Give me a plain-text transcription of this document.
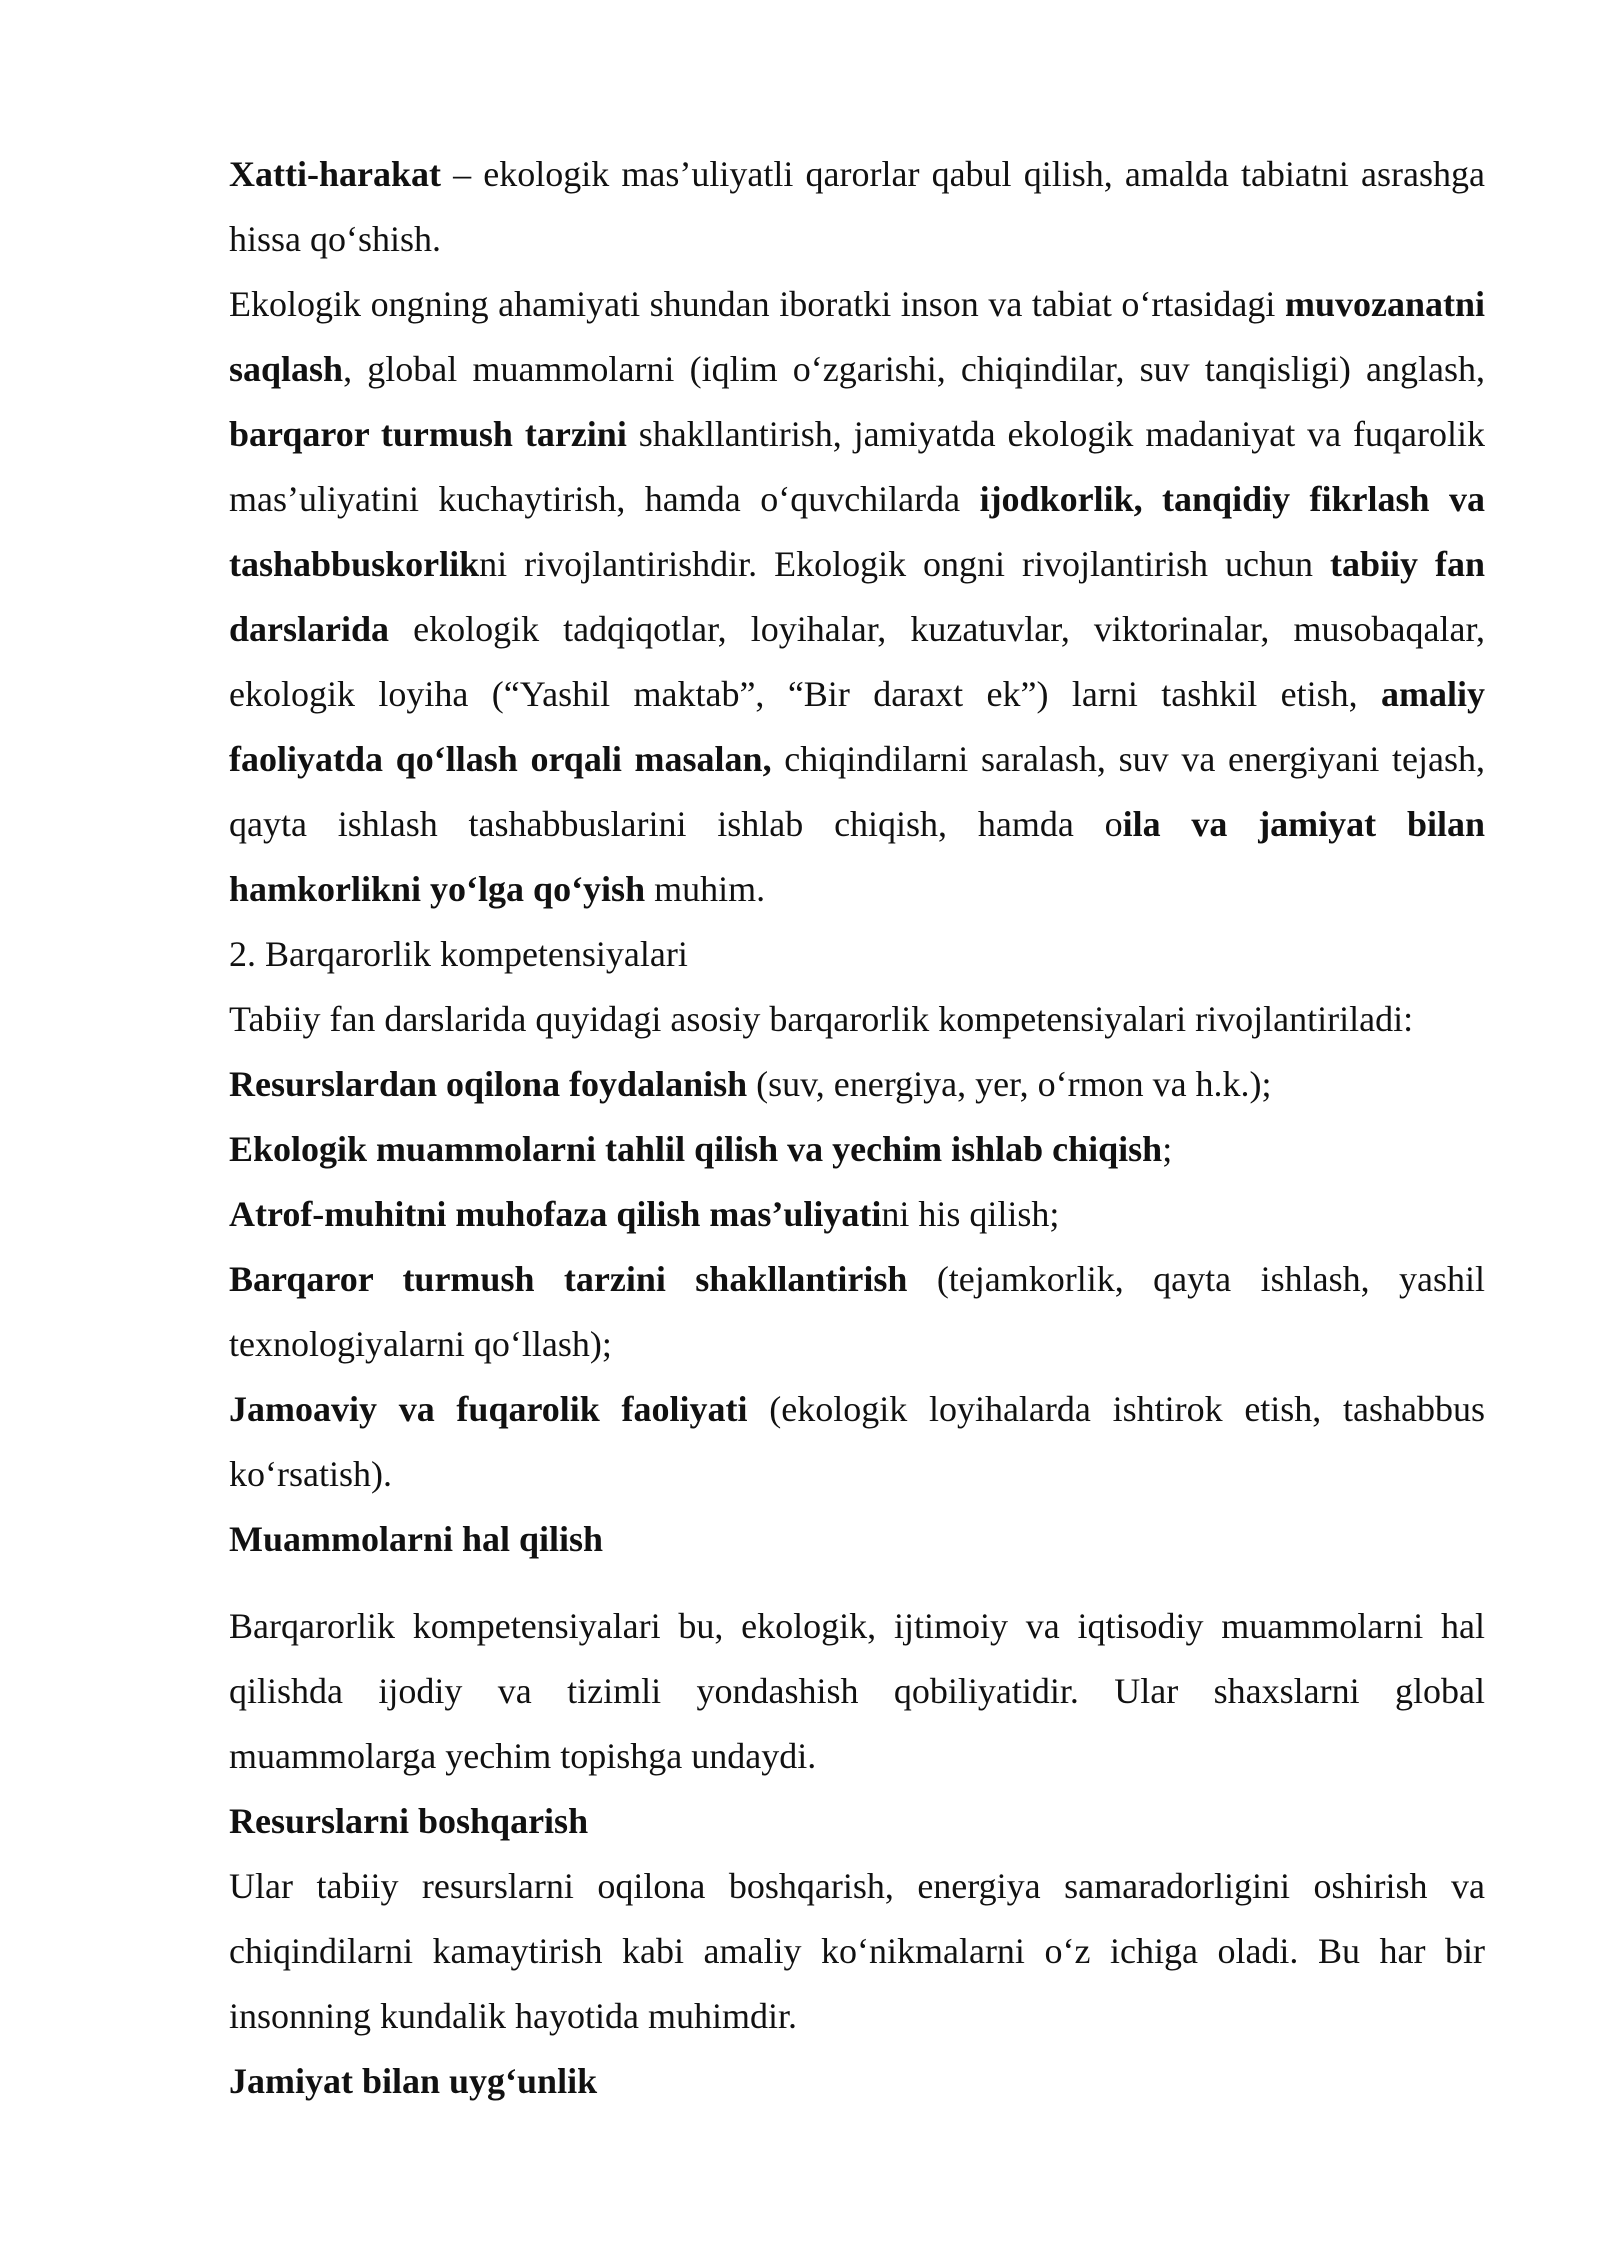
Xatti-harakat – ekologik mas’uliyatli qarorlar qabul qilish, amalda tabiatni asrashga hissa qo‘shish.

Ekologik ongning ahamiyati shundan iboratki inson va tabiat o‘rtasidagi muvozanatni saqlash, global muammolarni (iqlim o‘zgarishi, chiqindilar, suv tanqisligi) anglash, barqaror turmush tarzini shakllantirish, jamiyatda ekologik madaniyat va fuqarolik mas’uliyatini kuchaytirish, hamda o‘quvchilarda ijodkorlik, tanqidiy fikrlash va tashabbuskorlikni rivojlantirishdir. Ekologik ongni rivojlantirish uchun tabiiy fan darslarida ekologik tadqiqotlar, loyihalar, kuzatuvlar, viktorinalar, musobaqalar, ekologik loyiha (“Yashil maktab”, “Bir daraxt ek”) larni tashkil etish, amaliy faoliyatda qo‘llash orqali masalan, chiqindilarni saralash, suv va energiyani tejash, qayta ishlash tashabbuslarini ishlab chiqish, hamda oila va jamiyat bilan hamkorlikni yo‘lga qo‘yish muhim.

2. Barqarorlik kompetensiyalari

Tabiiy fan darslarida quyidagi asosiy barqarorlik kompetensiyalari rivojlantiriladi:

Resurslardan oqilona foydalanish (suv, energiya, yer, o‘rmon va h.k.);

Ekologik muammolarni tahlil qilish va yechim ishlab chiqish;

Atrof-muhitni muhofaza qilish mas’uliyatini his qilish;

Barqaror turmush tarzini shakllantirish (tejamkorlik, qayta ishlash, yashil texnologiyalarni qo‘llash);

Jamoaviy va fuqarolik faoliyati (ekologik loyihalarda ishtirok etish, tashabbus ko‘rsatish).

Muammolarni hal qilish

Barqarorlik kompetensiyalari bu, ekologik, ijtimoiy va iqtisodiy muammolarni hal qilishda ijodiy va tizimli yondashish qobiliyatidir. Ular shaxslarni global muammolarga yechim topishga undaydi.

Resurslarni boshqarish

Ular tabiiy resurslarni oqilona boshqarish, energiya samaradorligini oshirish va chiqindilarni kamaytirish kabi amaliy ko‘nikmalarni o‘z ichiga oladi. Bu har bir insonning kundalik hayotida muhimdir.

Jamiyat bilan uyg‘unlik
